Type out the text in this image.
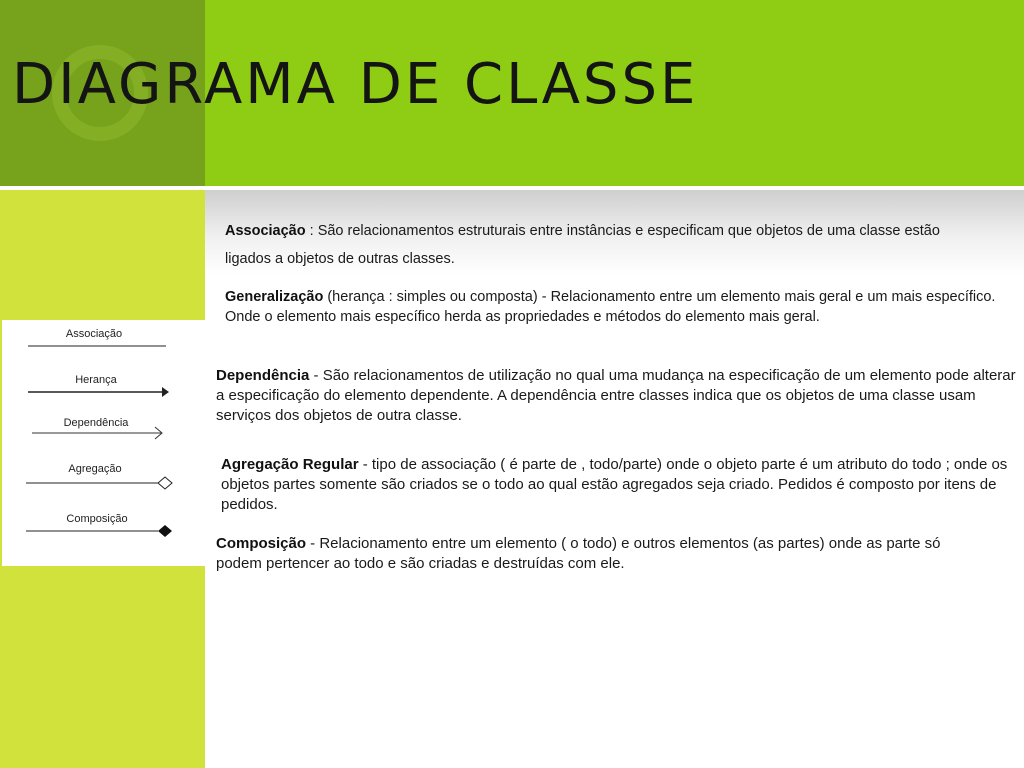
DIAGRAMA DE CLASSE
Associação
Herança
Dependência
Agregação
Composição

Associação : São relacionamentos estruturais entre instâncias e especificam que objetos de uma classe estão ligados a objetos de outras classes.

Generalização (herança : simples ou composta) - Relacionamento entre um elemento mais geral e um mais específico. Onde o elemento mais específico herda as propriedades e métodos do elemento mais geral.

Dependência - São relacionamentos de utilização no qual uma mudança na especificação de um elemento pode alterar a especificação do elemento dependente. A dependência entre classes indica que os objetos de uma classe usam serviços dos objetos de outra classe.

Agregação Regular - tipo de associação ( é parte de , todo/parte) onde o objeto parte é um atributo do todo ; onde os objetos partes somente são criados se o todo ao qual estão agregados seja criado. Pedidos é composto por itens de pedidos.

Composição - Relacionamento entre um elemento ( o todo) e outros elementos (as partes) onde as parte só podem pertencer ao todo e são criadas e destruídas com ele.
